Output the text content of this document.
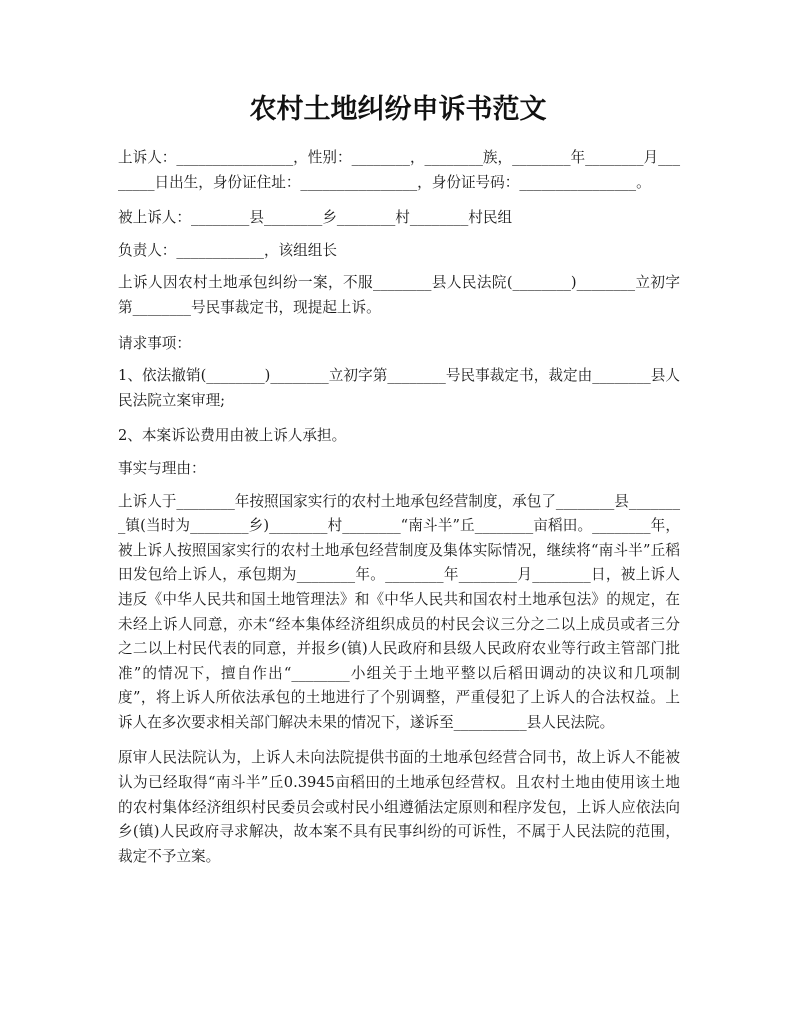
农村土地纠纷申诉书范文

上诉人：________________，性别：________，________族，________年________月________日出生，身份证住址：________________，身份证号码：________________。

被上诉人：________县________乡________村________村民组

负责人：____________，该组组长

上诉人因农村土地承包纠纷一案，不服________县人民法院(________)________立初字第________号民事裁定书，现提起上诉。

请求事项：

1、依法撤销(________)________立初字第________号民事裁定书，裁定由________县人民法院立案审理;

2、本案诉讼费用由被上诉人承担。

事实与理由：

上诉人于________年按照国家实行的农村土地承包经营制度，承包了________县________镇(当时为________乡)________村________“南斗半”丘________亩稻田。________年，被上诉人按照国家实行的农村土地承包经营制度及集体实际情况，继续将“南斗半”丘稻田发包给上诉人，承包期为________年。________年________月________日，被上诉人违反《中华人民共和国土地管理法》和《中华人民共和国农村土地承包法》的规定，在未经上诉人同意，亦未“经本集体经济组织成员的村民会议三分之二以上成员或者三分之二以上村民代表的同意，并报乡(镇)人民政府和县级人民政府农业等行政主管部门批准”的情况下，擅自作出“________小组关于土地平整以后稻田调动的决议和几项制度”，将上诉人所依法承包的土地进行了个别调整，严重侵犯了上诉人的合法权益。上诉人在多次要求相关部门解决未果的情况下，遂诉至__________县人民法院。

原审人民法院认为，上诉人未向法院提供书面的土地承包经营合同书，故上诉人不能被认为已经取得“南斗半”丘0.3945亩稻田的土地承包经营权。且农村土地由使用该土地的农村集体经济组织村民委员会或村民小组遵循法定原则和程序发包，上诉人应依法向乡(镇)人民政府寻求解决，故本案不具有民事纠纷的可诉性，不属于人民法院的范围，裁定不予立案。
